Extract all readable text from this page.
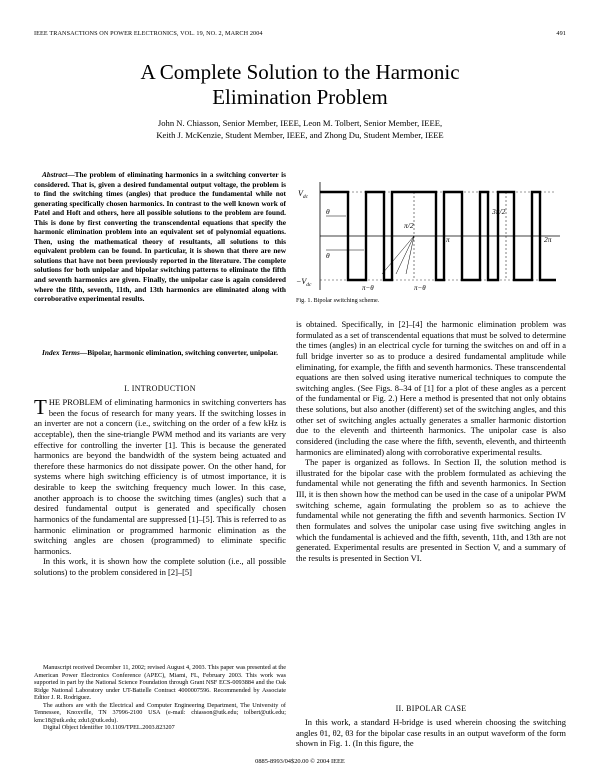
IEEE TRANSACTIONS ON POWER ELECTRONICS, VOL. 19, NO. 2, MARCH 2004	491
A Complete Solution to the Harmonic
Elimination Problem
John N. Chiasson, Senior Member, IEEE, Leon M. Tolbert, Senior Member, IEEE,
Keith J. McKenzie, Student Member, IEEE, and Zhong Du, Student Member, IEEE

Abstract—The problem of eliminating harmonics in a switching converter is considered. That is, given a desired fundamental output voltage, the problem is to find the switching times (angles) that produce the fundamental while not generating specifically chosen harmonics. In contrast to the well known work of Patel and Hoft and others, here all possible solutions to the problem are found. This is done by first converting the transcendental equations that specify the harmonic elimination problem into an equivalent set of polynomial equations. Then, using the mathematical theory of resultants, all solutions to this equivalent problem can be found. In particular, it is shown that there are new solutions that have not been previously reported in the literature. The complete solutions for both unipolar and bipolar switching patterns to eliminate the fifth and seventh harmonics are given. Finally, the unipolar case is again considered where the fifth, seventh, 11th, and 13th harmonics are eliminated along with corroborative experimental results.

Index Terms—Bipolar, harmonic elimination, switching converter, unipolar.
I. INTRODUCTION

THE PROBLEM of eliminating harmonics in switching converters has been the focus of research for many years. If the switching losses in an inverter are not a concern (i.e., switching on the order of a few kHz is acceptable), then the sine-triangle PWM method and its variants are very effective for controlling the inverter [1]. This is because the generated harmonics are beyond the bandwidth of the system being actuated and therefore these harmonics do not dissipate power. On the other hand, for systems where high switching efficiency is of utmost importance, it is desirable to keep the switching frequency much lower. In this case, another approach is to choose the switching times (angles) such that a desired fundamental output is generated and specifically chosen harmonics of the fundamental are suppressed [1]–[5]. This is referred to as harmonic elimination or programmed harmonic elimination as the switching angles are chosen (programmed) to eliminate specific harmonics.

In this work, it is shown how the complete solution (i.e., all possible solutions) to the problem considered in [2]–[5]

Manuscript received December 11, 2002; revised August 4, 2003. This paper was presented at the American Power Electronics Conference (APEC), Miami, FL, February 2003. This work was supported in part by the National Science Foundation through Grant NSF ECS-0093884 and the Oak Ridge National Laboratory under UT-Battelle Contract 4000007596. Recommended by Associate Editor J. R. Rodriguez.

The authors are with the Electrical and Computer Engineering Department, The University of Tennessee, Knoxville, TN 37996-2100 USA (e-mail: chiasson@utk.edu; tolbert@utk.edu; kmc18@utk.edu; zdu1@utk.edu).

Digital Object Identifier 10.1109/TPEL.2003.823207

$V_{dc}$
$-V_{dc}$
θ
θ
π/2
π
3π/2
2π
π−θ	π−θ
Fig. 1. Bipolar switching scheme.

is obtained. Specifically, in [2]–[4] the harmonic elimination problem was formulated as a set of transcendental equations that must be solved to determine the times (angles) in an electrical cycle for turning the switches on and off in a full bridge inverter so as to produce a desired fundamental amplitude while eliminating, for example, the fifth and seventh harmonics. These transcendental equations are then solved using iterative numerical techniques to compute the switching angles. (See Figs. 8–34 of [1] for a plot of these angles as a percent of the fundamental or Fig. 2.) Here a method is presented that not only obtains these solutions, but also another (different) set of the switching angles, and this other set of switching angles actually generates a smaller harmonic distortion due to the eleventh and thirteenth harmonics. The unipolar case is also considered (including the case where the fifth, seventh, eleventh, and thirteenth harmonics are eliminated) along with corroborative experimental results.

The paper is organized as follows. In Section II, the solution method is illustrated for the bipolar case with the problem formulated as achieving the fundamental while not generating the fifth and seventh harmonics. In Section III, it is then shown how the method can be used in the case of a unipolar PWM switching scheme, again formulating the problem so as to achieve the fundamental while not generating the fifth and seventh harmonics. Section IV then formulates and solves the unipolar case using five switching angles in which the fundamental is achieved and the fifth, seventh, 11th, and 13th are not generated. Experimental results are presented in Section V, and a summary of the results is presented in Section VI.

II. BIPOLAR CASE

In this work, a standard H-bridge is used wherein choosing the switching angles θ1, θ2, θ3 for the bipolar case results in an output waveform of the form shown in Fig. 1. (In this figure, the

0885-8993/04$20.00 © 2004 IEEE
